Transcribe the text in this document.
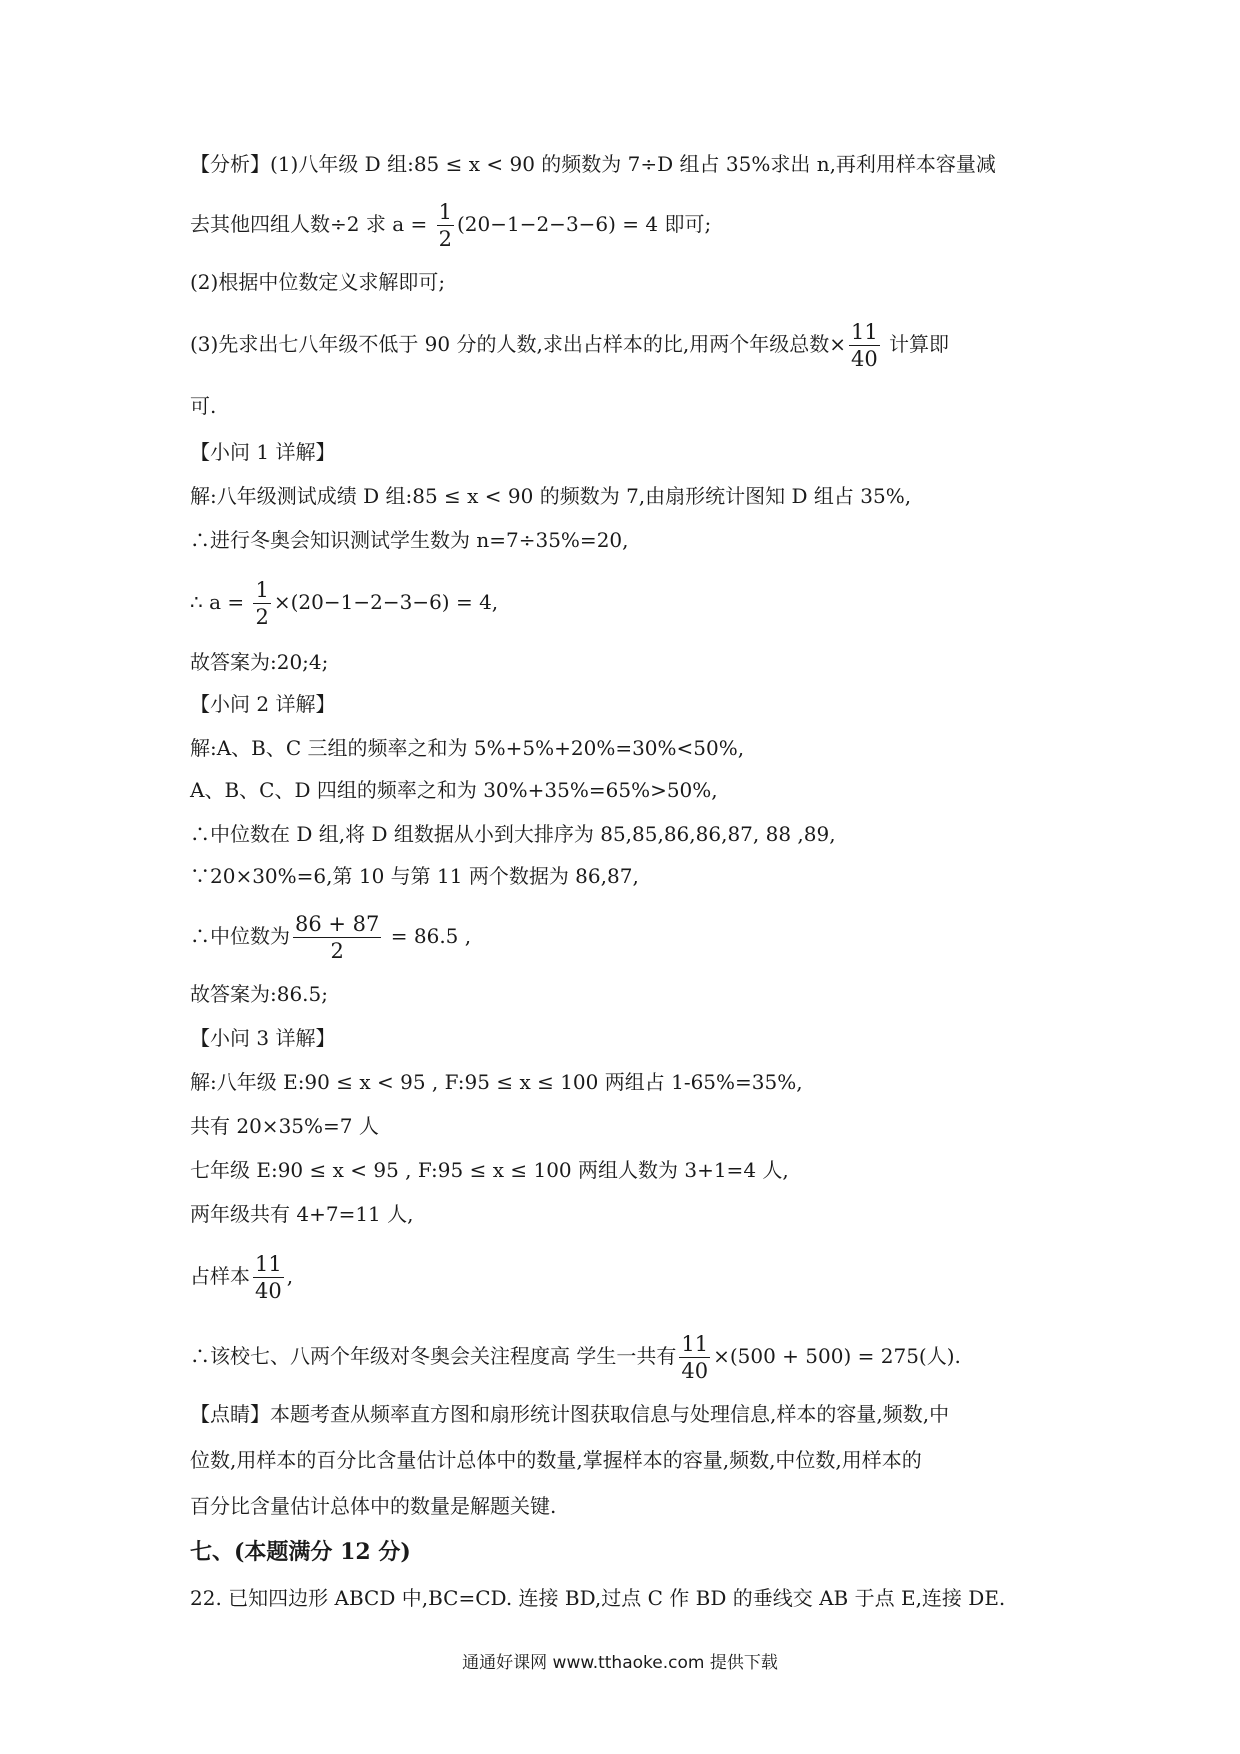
【分析】(1)八年级 D 组:85 ≤ x < 90 的频数为 7÷D 组占 35%求出 n,再利用样本容量减
去其他四组人数÷2 求 $a = \frac{1}{2} (20-1-2-3-6) = 4$ 即可;
(2)根据中位数定义求解即可;
(3)先求出七八年级不低于 90 分的人数,求出占样本的比,用两个年级总数× $\frac{11}{40}$ 计算即
可.
【小问 1 详解】
解:八年级测试成绩 D 组:85 ≤ x < 90 的频数为 7,由扇形统计图知 D 组占 35%,
∴进行冬奥会知识测试学生数为 n=7÷35%=20,
∴ $a = \frac{1}{2} \times(20-1-2-3-6) = 4$,
故答案为:20;4;
【小问 2 详解】
解:A、B、C 三组的频率之和为 5%+5%+20%=30%<50%,
A、B、C、D 四组的频率之和为 30%+35%=65%>50%,
∴中位数在 D 组,将 D 组数据从小到大排序为 85,85,86,86,87, 88 ,89,
∵20×30%=6,第 10 与第 11 两个数据为 86,87,
∴中位数为 $\frac{86 + 87}{2} = 86.5$ ,
故答案为:86.5;
【小问 3 详解】
解:八年级 E:90 ≤ x < 95 , F:95 ≤ x ≤ 100 两组占 1-65%=35%,
共有 20×35%=7 人
七年级 E:90 ≤ x < 95 , F:95 ≤ x ≤ 100 两组人数为 3+1=4 人,
两年级共有 4+7=11 人,
占样本 $\frac{11}{40}$ ,
∴该校七、八两个年级对冬奥会关注程度高 学生一共有 $\frac{11}{40} \times(500 + 500) = 275$(人).
【点睛】本题考查从频率直方图和扇形统计图获取信息与处理信息,样本的容量,频数,中
位数,用样本的百分比含量估计总体中的数量,掌握样本的容量,频数,中位数,用样本的
百分比含量估计总体中的数量是解题关键.
七、(本题满分 12 分)
22. 已知四边形 ABCD 中,BC=CD. 连接 BD,过点 C 作 BD 的垂线交 AB 于点 E,连接 DE.
通通好课网 www.tthaoke.com 提供下载
